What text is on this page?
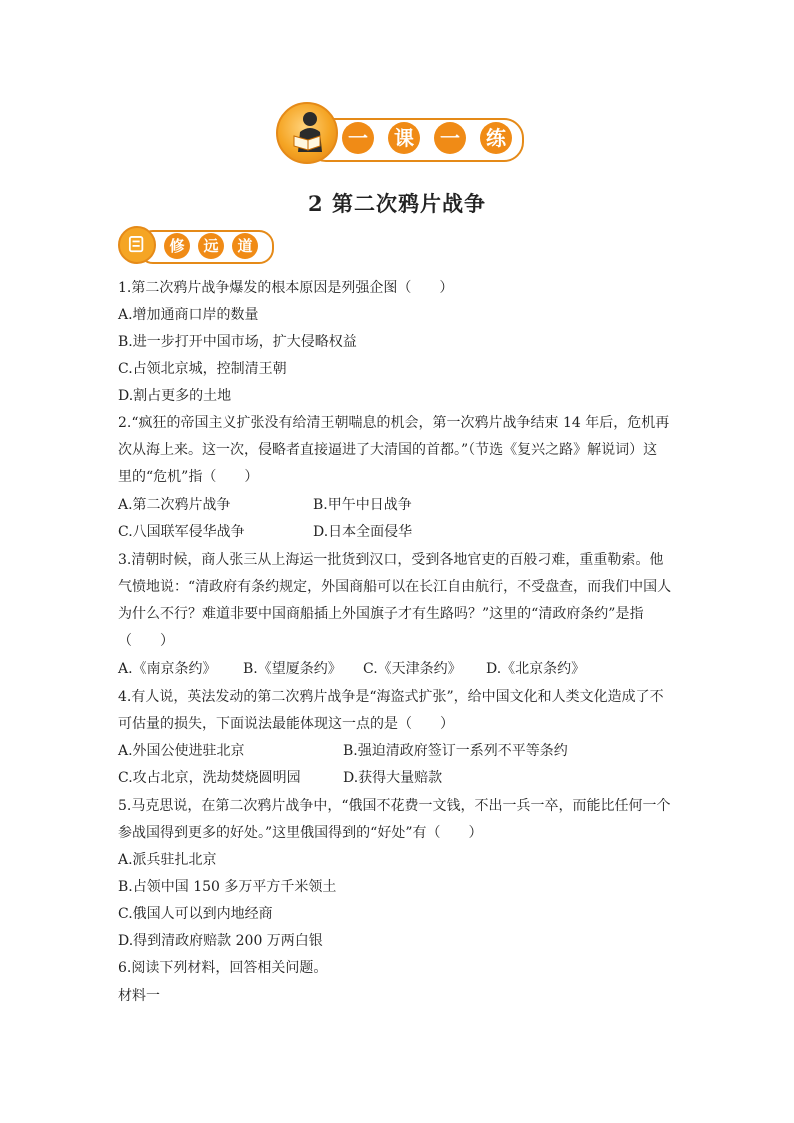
一	课	一	练
2 第二次鸦片战争
修	远	道
1.第二次鸦片战争爆发的根本原因是列强企图（　　）
A.增加通商口岸的数量
B.进一步打开中国市场，扩大侵略权益
C.占领北京城，控制清王朝
D.割占更多的土地
2.“疯狂的帝国主义扩张没有给清王朝喘息的机会，第一次鸦片战争结束 14 年后，危机再
次从海上来。这一次，侵略者直接逼进了大清国的首都。”（节选《复兴之路》解说词）这
里的“危机”指（　　）
A.第二次鸦片战争	B.甲午中日战争
C.八国联军侵华战争	D.日本全面侵华
3.清朝时候，商人张三从上海运一批货到汉口，受到各地官吏的百般刁难，重重勒索。他
气愤地说：“清政府有条约规定，外国商船可以在长江自由航行，不受盘查，而我们中国人
为什么不行？难道非要中国商船插上外国旗子才有生路吗？”这里的“清政府条约”是指
（　　）
A.《南京条约》 B.《望厦条约》 C.《天津条约》 D.《北京条约》
4.有人说，英法发动的第二次鸦片战争是“海盗式扩张”，给中国文化和人类文化造成了不
可估量的损失，下面说法最能体现这一点的是（　　）
A.外国公使进驻北京	B.强迫清政府签订一系列不平等条约
C.攻占北京，洗劫焚烧圆明园	D.获得大量赔款
5.马克思说，在第二次鸦片战争中，“俄国不花费一文钱，不出一兵一卒，而能比任何一个
参战国得到更多的好处。”这里俄国得到的“好处”有（　　）
A.派兵驻扎北京
B.占领中国 150 多万平方千米领土
C.俄国人可以到内地经商
D.得到清政府赔款 200 万两白银
6.阅读下列材料，回答相关问题。
材料一
